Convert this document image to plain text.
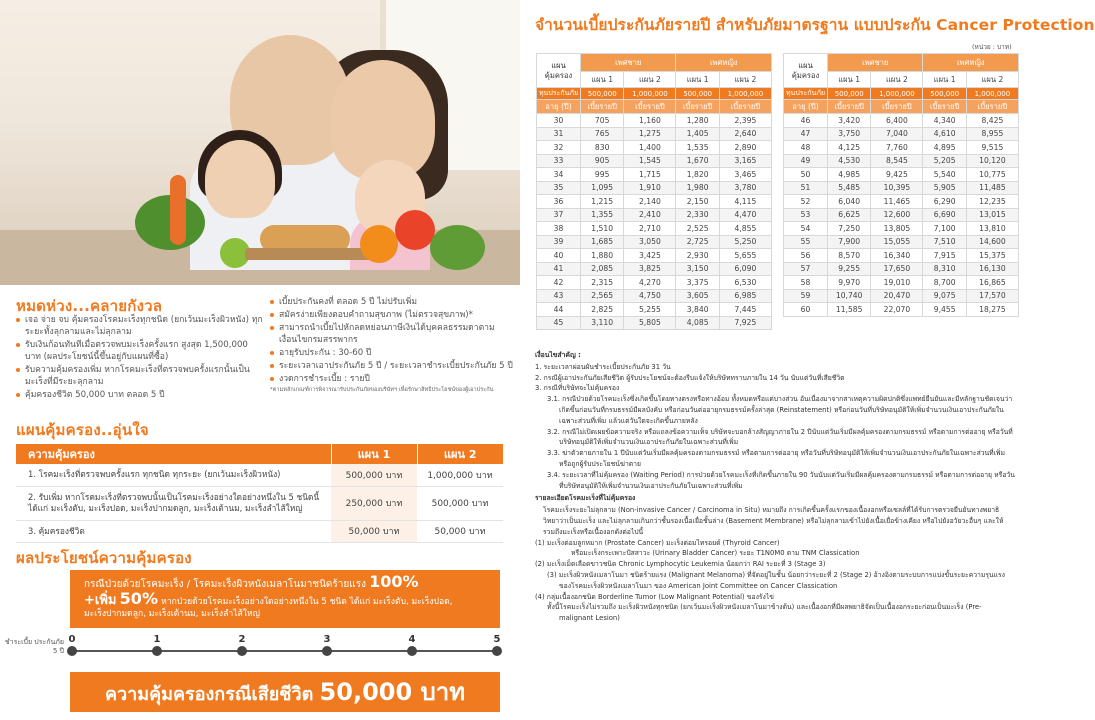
หมดห่วง...คลายกังวล
เจอ จ่าย จบ คุ้มครองโรคมะเร็งทุกชนิด (ยกเว้นมะเร็งผิวหนัง) ทุกระยะทั้งลุกลามและไม่ลุกลาม
รับเงินก้อนทันทีเมื่อตรวจพบมะเร็งครั้งแรก สูงสุด 1,500,000 บาท (ผลประโยชน์นี้ขึ้นอยู่กับแผนที่ซื้อ)
รับความคุ้มครองเพิ่ม หากโรคมะเร็งที่ตรวจพบครั้งแรกนั้นเป็นมะเร็งที่มีระยะลุกลาม
คุ้มครองชีวิต 50,000 บาท ตลอด 5 ปี
เบี้ยประกันคงที่ ตลอด 5 ปี ไม่ปรับเพิ่ม
สมัครง่ายเพียงตอบคำถามสุขภาพ (ไม่ตรวจสุขภาพ)*
สามารถนำเบี้ยไปหักลดหย่อนภาษีเงินได้บุคคลธรรมดาตามเงื่อนไขกรมสรรพากร
อายุรับประกัน : 30-60 ปี
ระยะเวลาเอาประกันภัย 5 ปี / ระยะเวลาชำระเบี้ยประกันภัย 5 ปี
งวดการชำระเบี้ย : รายปี
*ตามหลักเกณฑ์การพิจารณารับประกันภัยของบริษัทฯ เพื่อรักษาสิทธิประโยชน์ของผู้เอาประกัน
แผนคุ้มครอง..อุ่นใจ
ความคุ้มครอง	แผน 1	แผน 2
1. โรคมะเร็งที่ตรวจพบครั้งแรก ทุกชนิด ทุกระยะ (ยกเว้นมะเร็งผิวหนัง)	500,000 บาท	1,000,000 บาท
2. รับเพิ่ม หากโรคมะเร็งที่ตรวจพบนั้นเป็นโรคมะเร็งอย่างใดอย่างหนึ่งใน 5 ชนิดนี้ ได้แก่ มะเร็งตับ, มะเร็งปอด, มะเร็งปากมดลูก, มะเร็งเต้านม, มะเร็งลำไส้ใหญ่	250,000 บาท	500,000 บาท
3. คุ้มครองชีวิต	50,000 บาท	50,000 บาท
ผลประโยชน์ความคุ้มครอง
กรณีป่วยด้วยโรคมะเร็ง / โรคมะเร็งผิวหนังเมลาโนมาชนิดร้ายแรง 100%
+เพิ่ม 50% หากป่วยด้วยโรคมะเร็งอย่างใดอย่างหนึ่งใน 5 ชนิด ได้แก่ มะเร็งตับ, มะเร็งปอด,
มะเร็งปากมดลูก, มะเร็งเต้านม, มะเร็งลำไส้ใหญ่
ชำระเบี้ย ประกันภัย 5 ปี
0	1	2	3	4	5
ความคุ้มครองกรณีเสียชีวิต 50,000 บาท
จำนวนเบี้ยประกันภัยรายปี สำหรับภัยมาตรฐาน แบบประกัน Cancer Protection
(หน่วย : บาท)
แผน
คุ้มครอง	เพศชาย		เพศหญิง	
	แผน 1	แผน 2	แผน 1	แผน 2
ทุนประกันภัย	500,000	1,000,000	500,000	1,000,000
อายุ (ปี)	เบี้ยรายปี	เบี้ยรายปี	เบี้ยรายปี	เบี้ยรายปี
30	705	1,160	1,280	2,395
31	765	1,275	1,405	2,640
32	830	1,400	1,535	2,890
33	905	1,545	1,670	3,165
34	995	1,715	1,820	3,465
35	1,095	1,910	1,980	3,780
36	1,215	2,140	2,150	4,115
37	1,355	2,410	2,330	4,470
38	1,510	2,710	2,525	4,855
39	1,685	3,050	2,725	5,250
40	1,880	3,425	2,930	5,655
41	2,085	3,825	3,150	6,090
42	2,315	4,270	3,375	6,530
43	2,565	4,750	3,605	6,985
44	2,825	5,255	3,840	7,445
45	3,110	5,805	4,085	7,925
แผน
คุ้มครอง	เพศชาย		เพศหญิง	
	แผน 1	แผน 2	แผน 1	แผน 2
ทุนประกันภัย	500,000	1,000,000	500,000	1,000,000
อายุ (ปี)	เบี้ยรายปี	เบี้ยรายปี	เบี้ยรายปี	เบี้ยรายปี
46	3,420	6,400	4,340	8,425
47	3,750	7,040	4,610	8,955
48	4,125	7,760	4,895	9,515
49	4,530	8,545	5,205	10,120
50	4,985	9,425	5,540	10,775
51	5,485	10,395	5,905	11,485
52	6,040	11,465	6,290	12,235
53	6,625	12,600	6,690	13,015
54	7,250	13,805	7,100	13,810
55	7,900	15,055	7,510	14,600
56	8,570	16,340	7,915	15,375
57	9,255	17,650	8,310	16,130
58	9,970	19,010	8,700	16,865
59	10,740	20,470	9,075	17,570
60	11,585	22,070	9,455	18,275
เงื่อนไขสำคัญ :
1. ระยะเวลาผ่อนผันชำระเบี้ยประกันภัย 31 วัน
2. กรณีผู้เอาประกันภัยเสียชีวิต ผู้รับประโยชน์จะต้องรีบแจ้งให้บริษัททราบภายใน 14 วัน นับแต่วันที่เสียชีวิต
3. กรณีที่บริษัทจะไม่คุ้มครอง
3.1. กรณีป่วยด้วยโรคมะเร็งซึ่งเกิดขึ้นโดยทางตรงหรือทางอ้อม ทั้งหมดหรือแต่บางส่วน อันเนื่องมาจากสาเหตุความผิดปกติซึ่งแพทย์ยืนยันและมีหลักฐานชัดเจนว่าเกิดขึ้นก่อนวันที่กรมธรรม์มีผลบังคับ หรือก่อนวันต่ออายุกรมธรรม์ครั้งล่าสุด (Reinstatement) หรือก่อนวันที่บริษัทอนุมัติให้เพิ่มจำนวนเงินเอาประกันภัยในเฉพาะส่วนที่เพิ่ม แล้วแต่วันใดจะเกิดขึ้นภายหลัง
3.2. กรณีไม่เปิดเผยข้อความจริง หรือแถลงข้อความเท็จ บริษัทจะบอกล้างสัญญาภายใน 2 ปีนับแต่วันเริ่มมีผลคุ้มครองตามกรมธรรม์ หรือตามการต่ออายุ หรือวันที่บริษัทอนุมัติให้เพิ่มจำนวนเงินเอาประกันภัยในเฉพาะส่วนที่เพิ่ม
3.3. ฆ่าตัวตายภายใน 1 ปีนับแต่วันเริ่มมีผลคุ้มครองตามกรมธรรม์ หรือตามการต่ออายุ หรือวันที่บริษัทอนุมัติให้เพิ่มจำนวนเงินเอาประกันภัยในเฉพาะส่วนที่เพิ่ม หรือถูกผู้รับประโยชน์ฆ่าตาย
3.4. ระยะเวลาที่ไม่คุ้มครอง (Waiting Period) การป่วยด้วยโรคมะเร็งที่เกิดขึ้นภายใน 90 วันนับแต่วันเริ่มมีผลคุ้มครองตามกรมธรรม์ หรือตามการต่ออายุ หรือวันที่บริษัทอนุมัติให้เพิ่มจำนวนเงินเอาประกันภัยในเฉพาะส่วนที่เพิ่ม
รายละเอียดโรคมะเร็งที่ไม่คุ้มครอง
โรคมะเร็งระยะไม่ลุกลาม (Non-invasive Cancer / Carcinoma in Situ) หมายถึง การเกิดขึ้นครั้งแรกของเนื้องอกหรือเซลล์ที่ได้รับการตรวจยืนยันทางพยาธิวิทยาว่าเป็นมะเร็ง และไม่ลุกลามเกินกว่าชั้นรองเนื้อเยื่อชั้นล่าง (Basement Membrane) หรือไม่ลุกลามเข้าไปยังเนื้อเยื่อข้างเคียง หรือไปยังอวัยวะอื่นๆ และให้รวมถึงมะเร็งหรือเนื้องอกดังต่อไปนี้
(1) มะเร็งต่อมลูกหมาก (Prostate Cancer) มะเร็งต่อมไทรอยด์ (Thyroid Cancer)
หรือมะเร็งกระเพาะปัสสาวะ (Urinary Bladder Cancer) ระยะ T1N0M0 ตาม TNM Classication
(2) มะเร็งเม็ดเลือดขาวชนิด Chronic Lymphocytic Leukemia น้อยกว่า RAI ระยะที่ 3 (Stage 3)
(3) มะเร็งผิวหนังเมลาโนมา ชนิดร้ายแรง (Malignant Melanoma) ที่จัดอยู่ในชั้น น้อยกว่าระยะที่ 2 (Stage 2) อ้างอิงตามระบบการแบ่งขั้นระยะความรุนแรงของโรคมะเร็งผิวหนังเมลาโนมา ของ American Joint Committee on Cancer Classication
(4) กลุ่มเนื้องอกชนิด Borderline Tumor (Low Malignant Potential) ของรังไข่
ทั้งนี้โรคมะเร็งไม่รวมถึง มะเร็งผิวหนังทุกชนิด (ยกเว้นมะเร็งผิวหนังเมลาโนมาข้างต้น) และเนื้องอกที่มีผลพยาธิจัดเป็นเนื้องอกระยะก่อนเป็นมะเร็ง (Pre-malignant Lesion)
